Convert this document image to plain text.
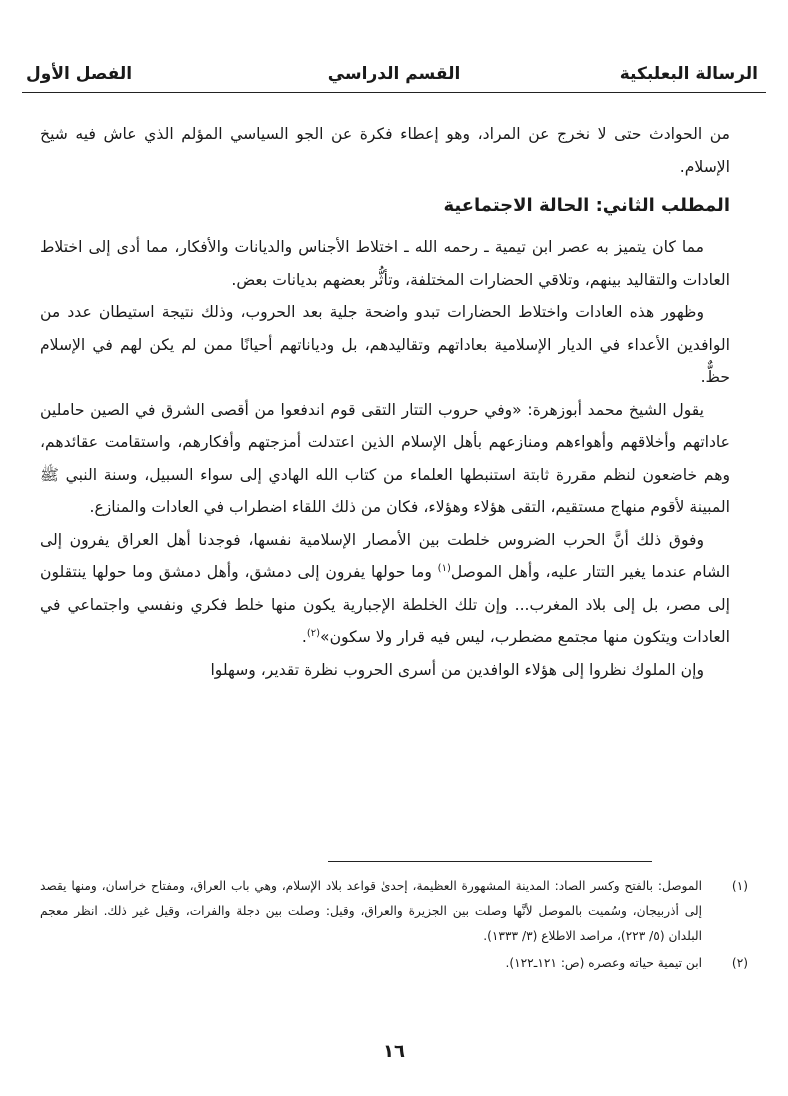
الرسالة البعلبكية
القسم الدراسي
الفصل الأول

من الحوادث حتى لا نخرج عن المراد، وهو إعطاء فكرة عن الجو السياسي المؤلم الذي عاش فيه شيخ الإسلام.

المطلب الثاني: الحالة الاجتماعية

مما كان يتميز به عصر ابن تيمية ـ رحمه الله ـ اختلاط الأجناس والديانات والأفكار، مما أدى إلى اختلاط العادات والتقاليد بينهم، وتلاقي الحضارات المختلفة، وتأثُّر بعضهم بديانات بعض.

وظهور هذه العادات واختلاط الحضارات تبدو واضحة جلية بعد الحروب، وذلك نتيجة استيطان عدد من الوافدين الأعداء في الديار الإسلامية بعاداتهم وتقاليدهم، بل وديانا‌تهم أحيانًا ممن لم يكن لهم في الإسلام حظٌّ.

يقول الشيخ محمد أبوزهرة: «وفي حروب التتار التقى قوم اندفعوا من أقصى الشرق في الصين حاملين عاداتهم وأخلاقهم وأهواءهم ومنازعهم بأهل الإسلام الذين اعتدلت أمزجتهم وأفكارهم، واستقامت عقائدهم، وهم خاضعون لنظم مقررة ثابتة استنبطها العلماء من كتاب الله الهادي إلى سواء السبيل، وسنة النبي ﷺ المبينة لأقوم منهاج مستقيم، التقى هؤلاء وهؤلاء، فكان من ذلك اللقاء اضطراب في العادات والمنازع.

وفوق ذلك أنَّ الحرب الضروس خلطت بين الأمصار الإسلامية نفسها، فوجدنا أهل العراق يفرون إلى الشام عندما يغير التتار عليه، وأهل الموصل$^{(١)}$ وما حولها يفرون إلى دمشق، وأهل دمشق وما حولها ينتقلون إلى مصر، بل إلى بلاد المغرب... وإن تلك الخلطة الإجبارية يكون منها خلط فكري ونفسي واجتماعي في العادات ويتكون منها مجتمع مضطرب، ليس فيه قرار ولا سكون»$^{(٢)}$.

وإن الملوك نظروا إلى هؤلاء الوافدين من أسرى الحروب نظرة تقدير، وسهلوا

(١)
الموصل: بالفتح وكسر الصاد: المدينة المشهورة العظيمة، إحدىٰ قواعد بلاد الإسلام، وهي باب العراق، ومفتاح خراسان، ومنها يقصد إلى أذربيجان، وسُميت بالموصل لأنَّها وصلت بين الجزيرة والعراق، وقيل: وصلت بين دجلة والفرات، وقيل غير ذلك. انظر معجم البلدان (٥/ ٢٢٣)، مراصد الاطلاع (٣/ ١٣٣٣).
(٢)
ابن تيمية حياته وعصره (ص: ١٢١ـ١٢٢).
١٦
